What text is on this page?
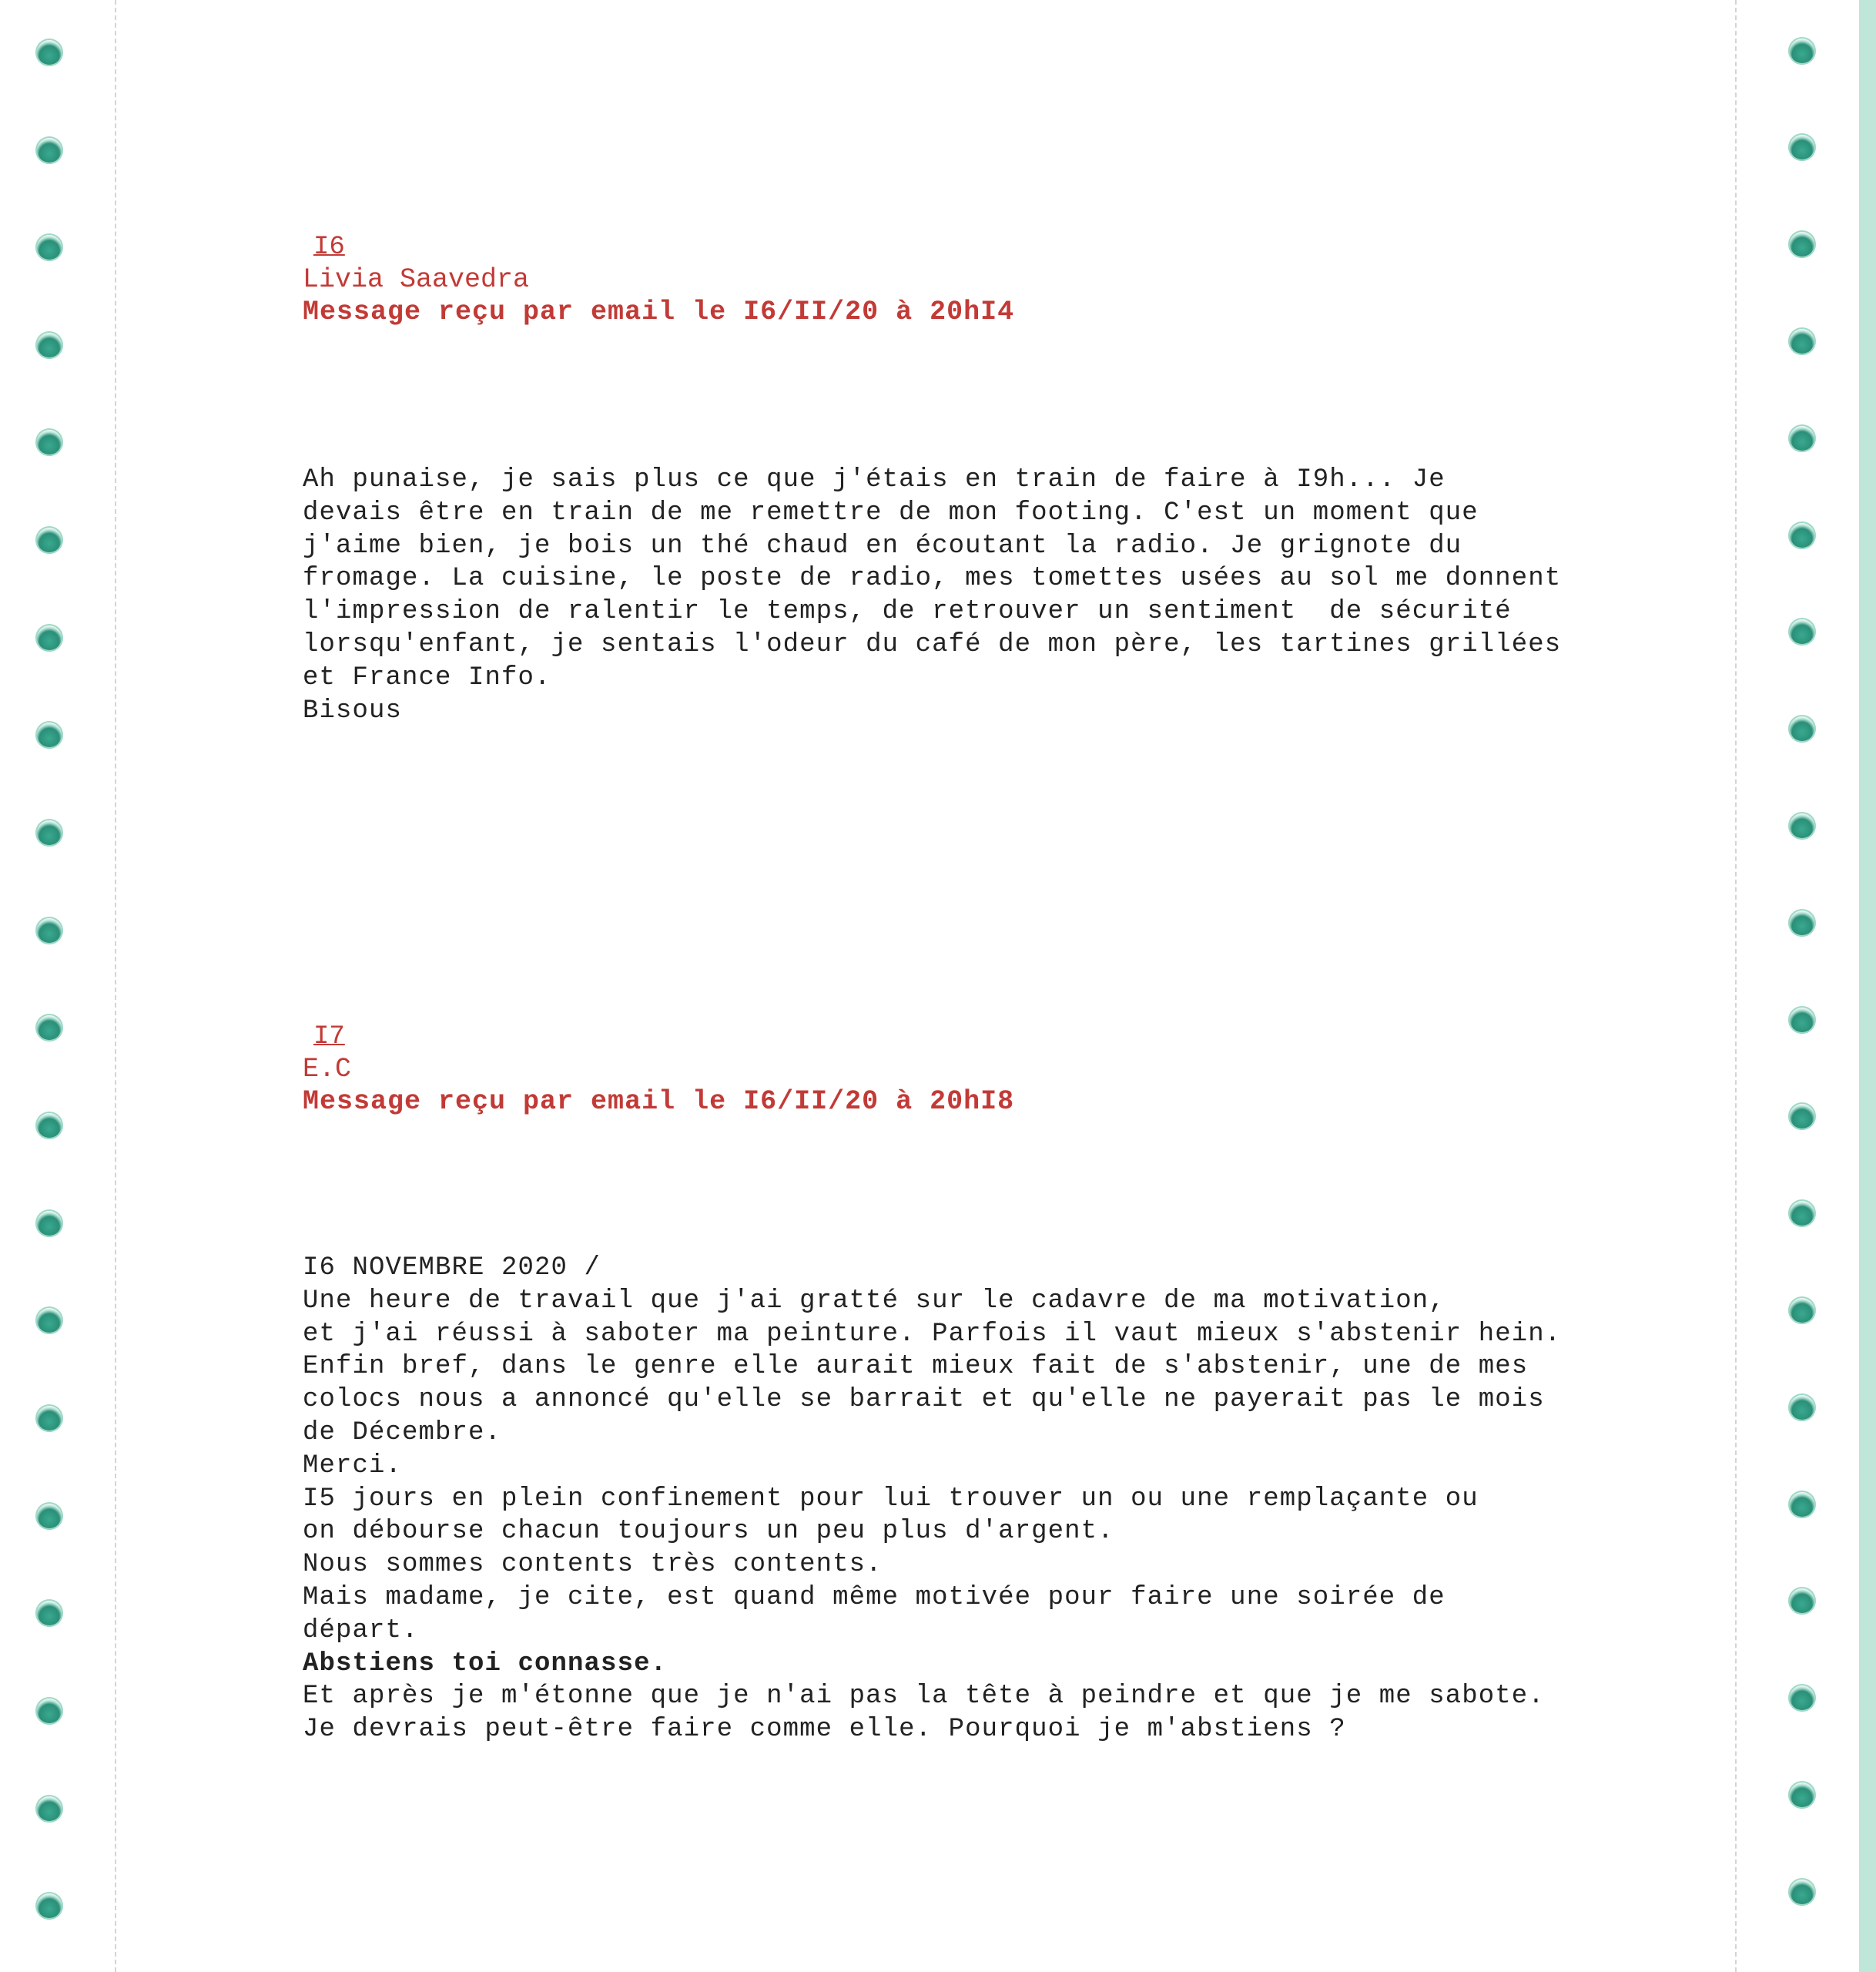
I6

Livia Saavedra

Message reçu par email le I6/II/20 à 20hI4

Ah punaise, je sais plus ce que j'étais en train de faire à I9h... Je
devais être en train de me remettre de mon footing. C'est un moment que
j'aime bien, je bois un thé chaud en écoutant la radio. Je grignote du
fromage. La cuisine, le poste de radio, mes tomettes usées au sol me donnent
l'impression de ralentir le temps, de retrouver un sentiment  de sécurité
lorsqu'enfant, je sentais l'odeur du café de mon père, les tartines grillées
et France Info.
Bisous

I7

E.C

Message reçu par email le I6/II/20 à 20hI8

I6 NOVEMBRE 2020 /
Une heure de travail que j'ai gratté sur le cadavre de ma motivation,
et j'ai réussi à saboter ma peinture. Parfois il vaut mieux s'abstenir hein.
Enfin bref, dans le genre elle aurait mieux fait de s'abstenir, une de mes
colocs nous a annoncé qu'elle se barrait et qu'elle ne payerait pas le mois
de Décembre.
Merci.
I5 jours en plein confinement pour lui trouver un ou une remplaçante ou
on débourse chacun toujours un peu plus d'argent.
Nous sommes contents très contents.
Mais madame, je cite, est quand même motivée pour faire une soirée de
départ.
Abstiens toi connasse.
Et après je m'étonne que je n'ai pas la tête à peindre et que je me sabote.
Je devrais peut-être faire comme elle. Pourquoi je m'abstiens ?
